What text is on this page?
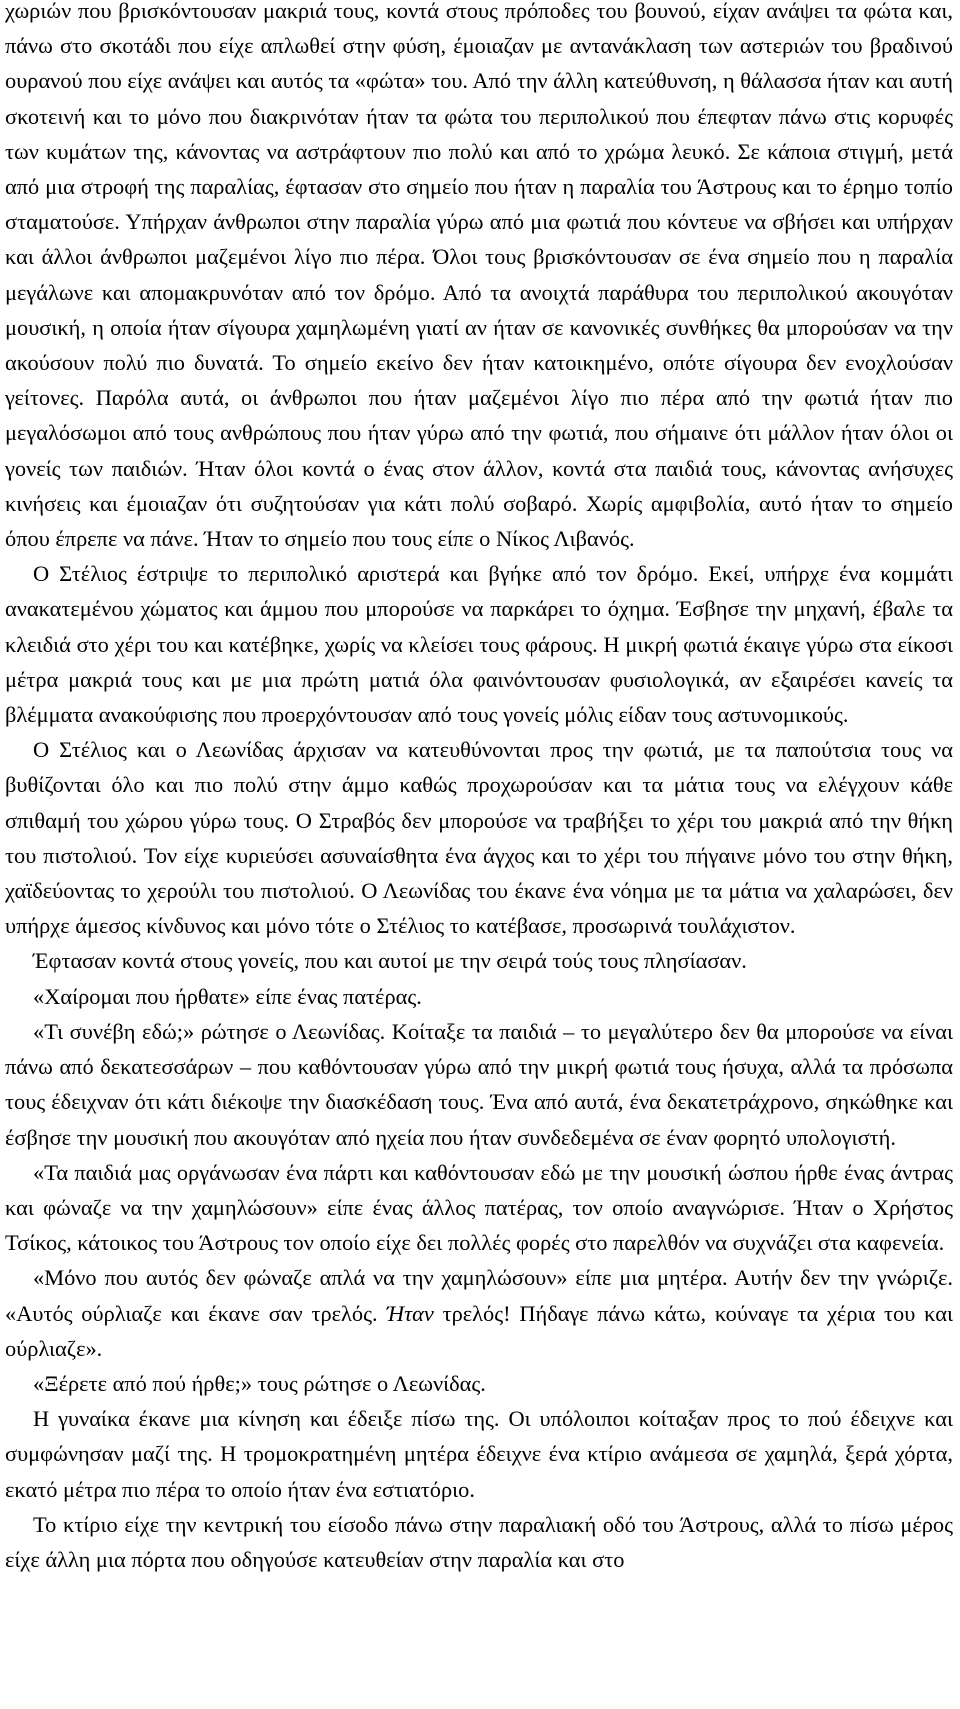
χωριών που βρισκόντουσαν μακριά τους, κοντά στους πρόποδες του βουνού, είχαν ανάψει τα φώτα και, πάνω στο σκοτάδι που είχε απλωθεί στην φύση, έμοιαζαν με αντανάκλαση των αστεριών του βραδινού ουρανού που είχε ανάψει και αυτός τα «φώτα» του. Από την άλλη κατεύθυνση, η θάλασσα ήταν και αυτή σκοτεινή και το μόνο που διακρινόταν ήταν τα φώτα του περιπολικού που έπεφταν πάνω στις κορυφές των κυμάτων της, κάνοντας να αστράφτουν πιο πολύ και από το χρώμα λευκό. Σε κάποια στιγμή, μετά από μια στροφή της παραλίας, έφτασαν στο σημείο που ήταν η παραλία του Άστρους και το έρημο τοπίο σταματούσε. Υπήρχαν άνθρωποι στην παραλία γύρω από μια φωτιά που κόντευε να σβήσει και υπήρχαν και άλλοι άνθρωποι μαζεμένοι λίγο πιο πέρα. Όλοι τους βρισκόντουσαν σε ένα σημείο που η παραλία μεγάλωνε και απομακρυνόταν από τον δρόμο. Από τα ανοιχτά παράθυρα του περιπολικού ακουγόταν μουσική, η οποία ήταν σίγουρα χαμηλωμένη γιατί αν ήταν σε κανονικές συνθήκες θα μπορούσαν να την ακούσουν πολύ πιο δυνατά. Το σημείο εκείνο δεν ήταν κατοικημένο, οπότε σίγουρα δεν ενοχλούσαν γείτονες. Παρόλα αυτά, οι άνθρωποι που ήταν μαζεμένοι λίγο πιο πέρα από την φωτιά ήταν πιο μεγαλόσωμοι από τους ανθρώπους που ήταν γύρω από την φωτιά, που σήμαινε ότι μάλλον ήταν όλοι οι γονείς των παιδιών. Ήταν όλοι κοντά ο ένας στον άλλον, κοντά στα παιδιά τους, κάνοντας ανήσυχες κινήσεις και έμοιαζαν ότι συζητούσαν για κάτι πολύ σοβαρό. Χωρίς αμφιβολία, αυτό ήταν το σημείο όπου έπρεπε να πάνε. Ήταν το σημείο που τους είπε ο Νίκος Λιβανός.

Ο Στέλιος έστριψε το περιπολικό αριστερά και βγήκε από τον δρόμο. Εκεί, υπήρχε ένα κομμάτι ανακατεμένου χώματος και άμμου που μπορούσε να παρκάρει το όχημα. Έσβησε την μηχανή, έβαλε τα κλειδιά στο χέρι του και κατέβηκε, χωρίς να κλείσει τους φάρους. Η μικρή φωτιά έκαιγε γύρω στα είκοσι μέτρα μακριά τους και με μια πρώτη ματιά όλα φαινόντουσαν φυσιολογικά, αν εξαιρέσει κανείς τα βλέμματα ανακούφισης που προερχόντουσαν από τους γονείς μόλις είδαν τους αστυνομικούς.

Ο Στέλιος και ο Λεωνίδας άρχισαν να κατευθύνονται προς την φωτιά, με τα παπούτσια τους να βυθίζονται όλο και πιο πολύ στην άμμο καθώς προχωρούσαν και τα μάτια τους να ελέγχουν κάθε σπιθαμή του χώρου γύρω τους. Ο Στραβός δεν μπορούσε να τραβήξει το χέρι του μακριά από την θήκη του πιστολιού. Τον είχε κυριεύσει ασυναίσθητα ένα άγχος και το χέρι του πήγαινε μόνο του στην θήκη, χαϊδεύοντας το χερούλι του πιστολιού. Ο Λεωνίδας του έκανε ένα νόημα με τα μάτια να χαλαρώσει, δεν υπήρχε άμεσος κίνδυνος και μόνο τότε ο Στέλιος το κατέβασε, προσωρινά τουλάχιστον.

Έφτασαν κοντά στους γονείς, που και αυτοί με την σειρά τούς τους πλησίασαν.

«Χαίρομαι που ήρθατε» είπε ένας πατέρας.

«Τι συνέβη εδώ;» ρώτησε ο Λεωνίδας. Κοίταξε τα παιδιά – το μεγαλύτερο δεν θα μπορούσε να είναι πάνω από δεκατεσσάρων – που καθόντουσαν γύρω από την μικρή φωτιά τους ήσυχα, αλλά τα πρόσωπα τους έδειχναν ότι κάτι διέκοψε την διασκέδαση τους. Ένα από αυτά, ένα δεκατετράχρονο, σηκώθηκε και έσβησε την μουσική που ακουγόταν από ηχεία που ήταν συνδεδεμένα σε έναν φορητό υπολογιστή.

«Τα παιδιά μας οργάνωσαν ένα πάρτι και καθόντουσαν εδώ με την μουσική ώσπου ήρθε ένας άντρας και φώναζε να την χαμηλώσουν» είπε ένας άλλος πατέρας, τον οποίο αναγνώρισε. Ήταν ο Χρήστος Τσίκος, κάτοικος του Άστρους τον οποίο είχε δει πολλές φορές στο παρελθόν να συχνάζει στα καφενεία.

«Μόνο που αυτός δεν φώναζε απλά να την χαμηλώσουν» είπε μια μητέρα. Αυτήν δεν την γνώριζε. «Αυτός ούρλιαζε και έκανε σαν τρελός. Ήταν τρελός! Πήδαγε πάνω κάτω, κούναγε τα χέρια του και ούρλιαζε».

«Ξέρετε από πού ήρθε;» τους ρώτησε ο Λεωνίδας.

Η γυναίκα έκανε μια κίνηση και έδειξε πίσω της. Οι υπόλοιποι κοίταξαν προς το πού έδειχνε και συμφώνησαν μαζί της. Η τρομοκρατημένη μητέρα έδειχνε ένα κτίριο ανάμεσα σε χαμηλά, ξερά χόρτα, εκατό μέτρα πιο πέρα το οποίο ήταν ένα εστιατόριο.

Το κτίριο είχε την κεντρική του είσοδο πάνω στην παραλιακή οδό του Άστρους, αλλά το πίσω μέρος είχε άλλη μια πόρτα που οδηγούσε κατευθείαν στην παραλία και στο
